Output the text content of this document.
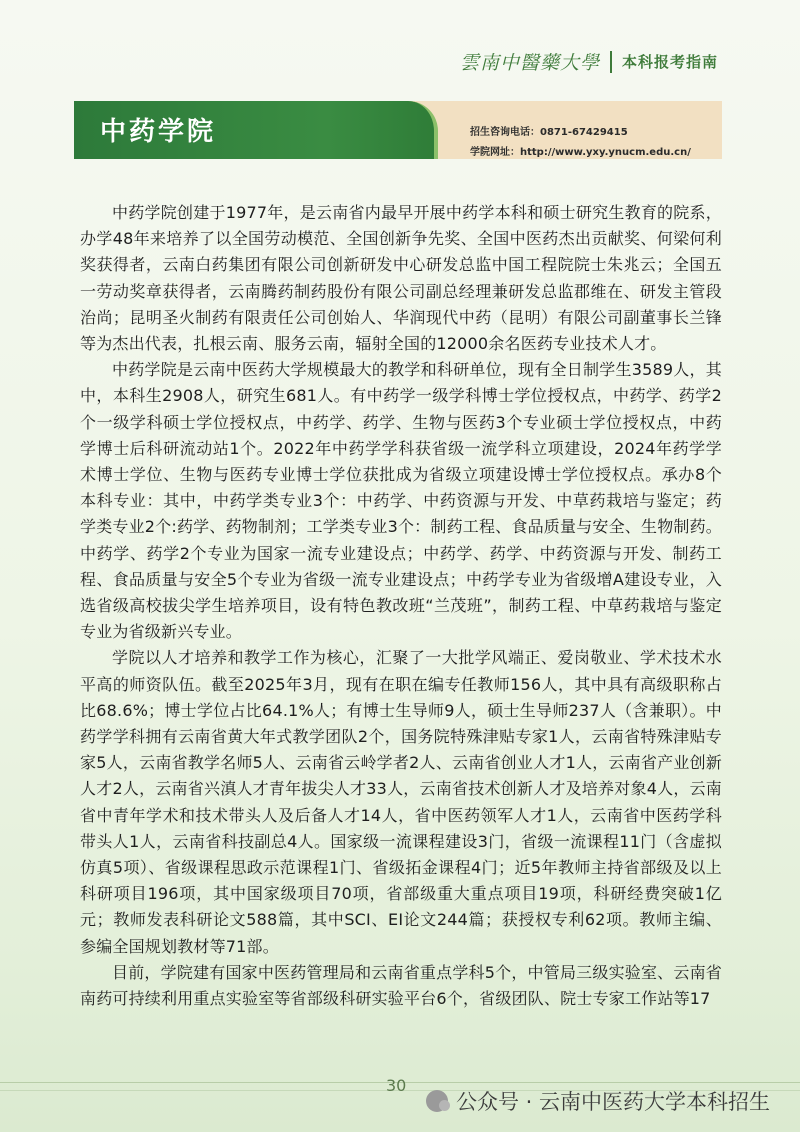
雲南中醫藥大學 本科报考指南
中药学院	招生咨询电话：0871-67429415
学院网址：http://www.yxy.ynucm.edu.cn/

中药学院创建于1977年，是云南省内最早开展中药学本科和硕士研究生教育的院系，办学48年来培养了以全国劳动模范、全国创新争先奖、全国中医药杰出贡献奖、何梁何利奖获得者，云南白药集团有限公司创新研发中心研发总监中国工程院院士朱兆云；全国五一劳动奖章获得者，云南腾药制药股份有限公司副总经理兼研发总监郡维在、研发主管段治尚；昆明圣火制药有限责任公司创始人、华润现代中药（昆明）有限公司副董事长兰锋等为杰出代表，扎根云南、服务云南，辐射全国的12000余名医药专业技术人才。

中药学院是云南中医药大学规模最大的教学和科研单位，现有全日制学生3589人，其中，本科生2908人，研究生681人。有中药学一级学科博士学位授权点，中药学、药学2个一级学科硕士学位授权点，中药学、药学、生物与医药3个专业硕士学位授权点，中药学博士后科研流动站1个。2022年中药学学科获省级一流学科立项建设，2024年药学学术博士学位、生物与医药专业博士学位获批成为省级立项建设博士学位授权点。承办8个本科专业：其中，中药学类专业3个：中药学、中药资源与开发、中草药栽培与鉴定；药学类专业2个:药学、药物制剂；工学类专业3个：制药工程、食品质量与安全、生物制药。中药学、药学2个专业为国家一流专业建设点；中药学、药学、中药资源与开发、制药工程、食品质量与安全5个专业为省级一流专业建设点；中药学专业为省级增A建设专业，入选省级高校拔尖学生培养项目，设有特色教改班“兰茂班”，制药工程、中草药栽培与鉴定专业为省级新兴专业。

学院以人才培养和教学工作为核心，汇聚了一大批学风端正、爱岗敬业、学术技术水平高的师资队伍。截至2025年3月，现有在职在编专任教师156人，其中具有高级职称占比68.6%；博士学位占比64.1%人；有博士生导师9人，硕士生导师237人（含兼职）。中药学学科拥有云南省黄大年式教学团队2个，国务院特殊津贴专家1人，云南省特殊津贴专家5人，云南省教学名师5人、云南省云岭学者2人、云南省创业人才1人，云南省产业创新人才2人，云南省兴滇人才青年拔尖人才33人，云南省技术创新人才及培养对象4人，云南省中青年学术和技术带头人及后备人才14人，省中医药领军人才1人，云南省中医药学科带头人1人，云南省科技副总4人。国家级一流课程建设3门，省级一流课程11门（含虚拟仿真5项）、省级课程思政示范课程1门、省级拓金课程4门；近5年教师主持省部级及以上科研项目196项，其中国家级项目70项，省部级重大重点项目19项，科研经费突破1亿元；教师发表科研论文588篇，其中SCI、EI论文244篇；获授权专利62项。教师主编、参编全国规划教材等71部。

目前，学院建有国家中医药管理局和云南省重点学科5个，中管局三级实验室、云南省南药可持续利用重点实验室等省部级科研实验平台6个，省级团队、院士专家工作站等17

30
公众号 · 云南中医药大学本科招生
